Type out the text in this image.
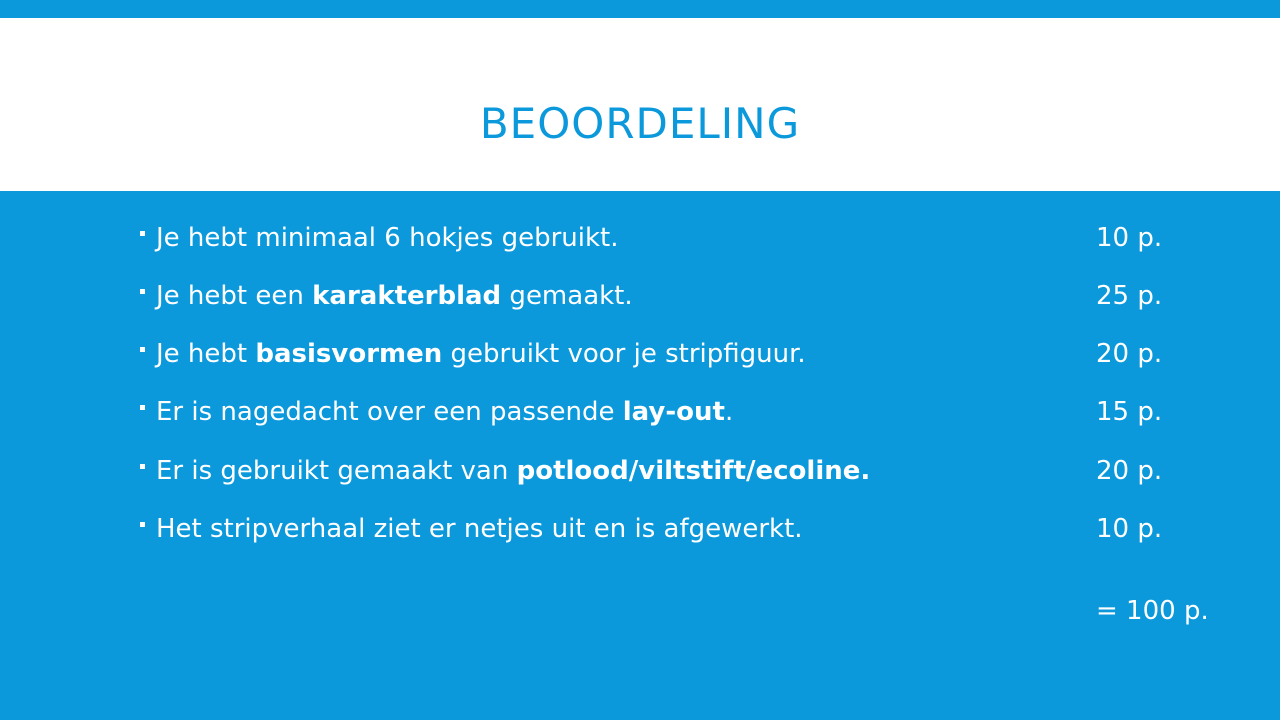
BEOORDELING
Je hebt minimaal 6 hokjes gebruikt.	10 p.
Je hebt een karakterblad gemaakt.	25 p.
Je hebt basisvormen gebruikt voor je stripfiguur.	20 p.
Er is nagedacht over een passende lay-out.	15 p.
Er is gebruikt gemaakt van potlood/viltstift/ecoline.	20 p.
Het stripverhaal ziet er netjes uit en is afgewerkt.	10 p.
= 100 p.
